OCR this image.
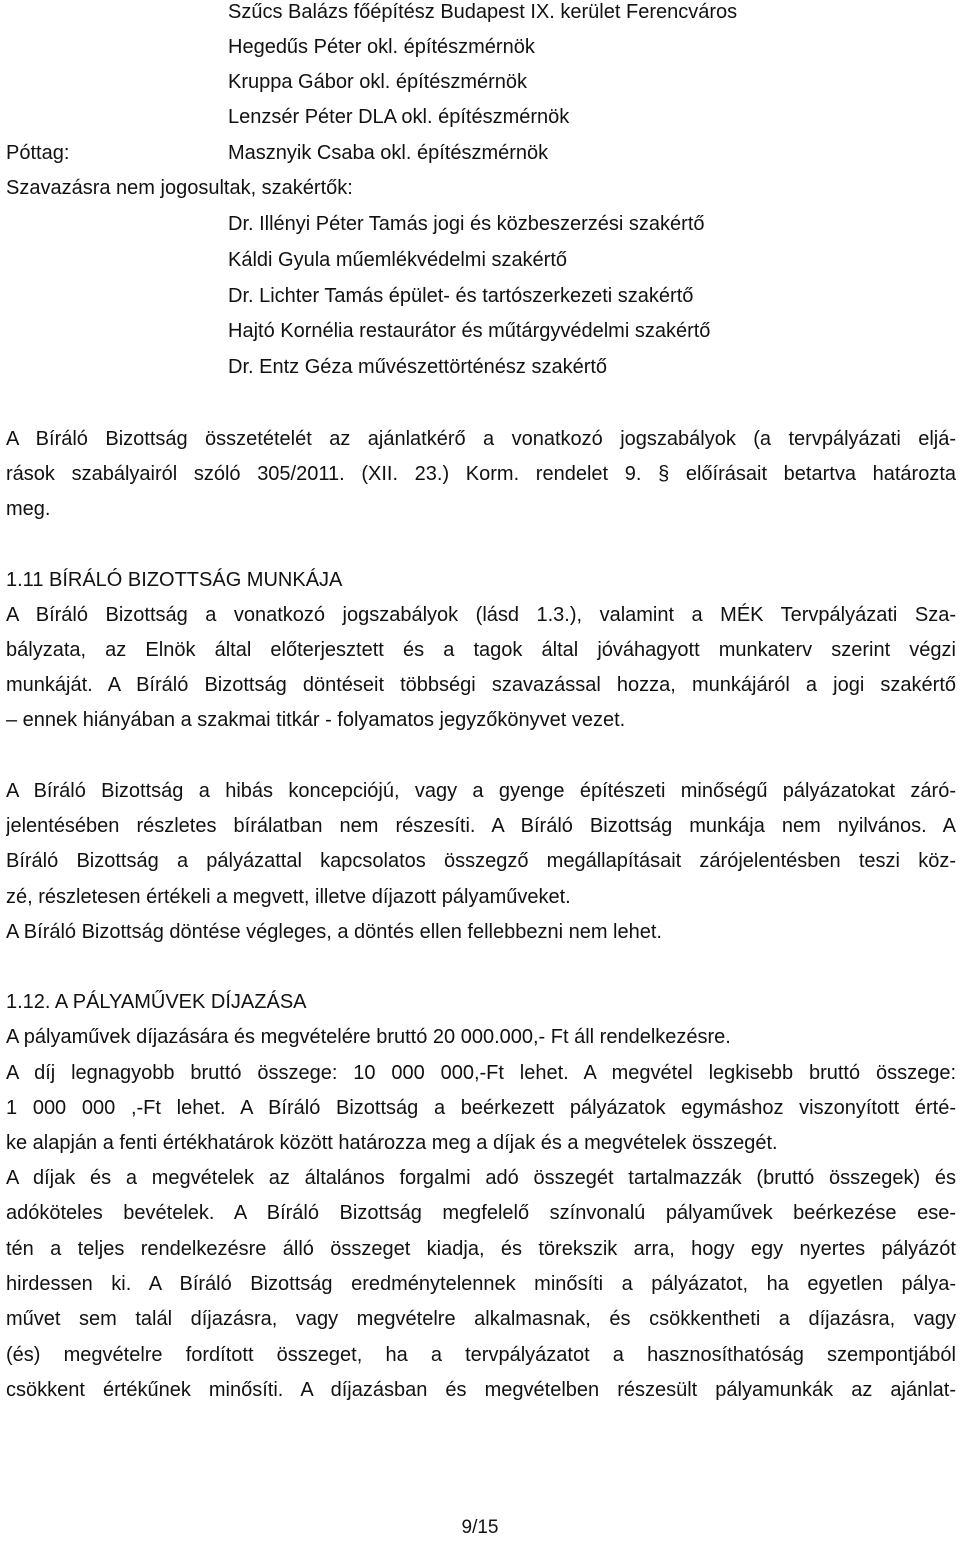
Szűcs Balázs főépítész Budapest IX. kerület Ferencváros
Hegedűs Péter okl. építészmérnök
Kruppa Gábor okl. építészmérnök
Lenzsér Péter DLA okl. építészmérnök
Póttag:	Masznyik Csaba okl. építészmérnök
Szavazásra nem jogosultak, szakértők:
Dr. Illényi Péter Tamás jogi és közbeszerzési szakértő
Káldi Gyula műemlékvédelmi szakértő
Dr. Lichter Tamás épület- és tartószerkezeti szakértő
Hajtó Kornélia restaurátor és műtárgyvédelmi szakértő
Dr. Entz Géza művészettörténész szakértő
A Bíráló Bizottság összetételét az ajánlatkérő a vonatkozó jogszabályok (a tervpályázati eljá-
rások szabályairól szóló 305/2011. (XII. 23.) Korm. rendelet 9. § előírásait betartva határozta
meg.
1.11 BÍRÁLÓ BIZOTTSÁG MUNKÁJA
A Bíráló Bizottság a vonatkozó jogszabályok (lásd 1.3.), valamint a MÉK Tervpályázati Sza-
bályzata, az Elnök által előterjesztett és a tagok által jóváhagyott munkaterv szerint végzi
munkáját. A Bíráló Bizottság döntéseit többségi szavazással hozza, munkájáról a jogi szakértő
– ennek hiányában a szakmai titkár - folyamatos jegyzőkönyvet vezet.
A Bíráló Bizottság a hibás koncepciójú, vagy a gyenge építészeti minőségű pályázatokat záró-
jelentésében részletes bírálatban nem részesíti. A Bíráló Bizottság munkája nem nyilvános. A
Bíráló Bizottság a pályázattal kapcsolatos összegző megállapításait zárójelentésben teszi köz-
zé, részletesen értékeli a megvett, illetve díjazott pályaműveket.
A Bíráló Bizottság döntése végleges, a döntés ellen fellebbezni nem lehet.
1.12. A PÁLYAMŰVEK DÍJAZÁSA
A pályaművek díjazására és megvételére bruttó 20 000.000,- Ft áll rendelkezésre.
A díj legnagyobb bruttó összege: 10 000 000,-Ft lehet. A megvétel legkisebb bruttó összege:
1 000 000 ,-Ft lehet. A Bíráló Bizottság a beérkezett pályázatok egymáshoz viszonyított érté-
ke alapján a fenti értékhatárok között határozza meg a díjak és a megvételek összegét.
A díjak és a megvételek az általános forgalmi adó összegét tartalmazzák (bruttó összegek) és
adóköteles bevételek. A Bíráló Bizottság megfelelő színvonalú pályaművek beérkezése ese-
tén a teljes rendelkezésre álló összeget kiadja, és törekszik arra, hogy egy nyertes pályázót
hirdessen ki. A Bíráló Bizottság eredménytelennek minősíti a pályázatot, ha egyetlen pálya-
művet sem talál díjazásra, vagy megvételre alkalmasnak, és csökkentheti a díjazásra, vagy
(és) megvételre fordított összeget, ha a tervpályázatot a hasznosíthatóság szempontjából
csökkent értékűnek minősíti. A díjazásban és megvételben részesült pályamunkák az ajánlat-
9/15
